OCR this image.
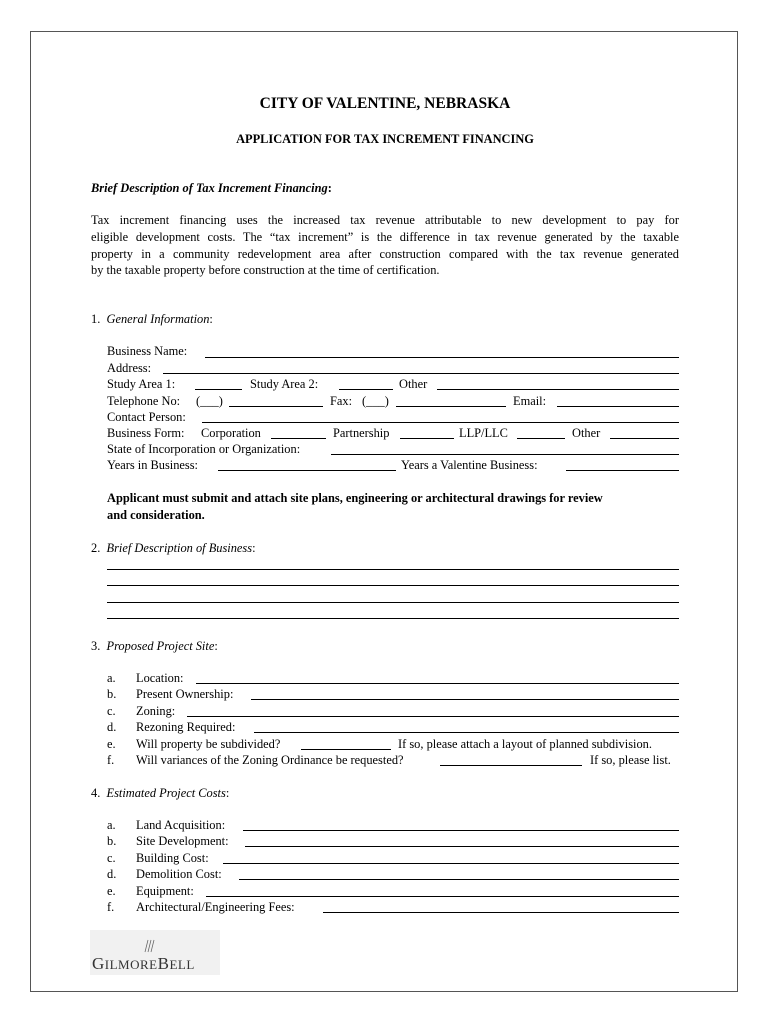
CITY OF VALENTINE, NEBRASKA
APPLICATION FOR TAX INCREMENT FINANCING
Brief Description of Tax Increment Financing:
Tax increment financing uses the increased tax revenue attributable to new development to pay for
eligible development costs. The “tax increment” is the difference in tax revenue generated by the taxable
property in a community redevelopment area after construction compared with the tax revenue generated
by the taxable property before construction at the time of certification.
1. General Information:
Business Name:
Address:
Study Area 1:	Study Area 2:	Other
Telephone No: (___)	Fax: (___)	Email:
Contact Person:
Business Form: Corporation	Partnership	LLP/LLC	Other
State of Incorporation or Organization:
Years in Business:	Years a Valentine Business:
Applicant must submit and attach site plans, engineering or architectural drawings for review
and consideration.
2. Brief Description of Business:
3. Proposed Project Site:
a. Location:
b. Present Ownership:
c. Zoning:
d. Rezoning Required:
e. Will property be subdivided?	If so, please attach a layout of planned subdivision.
f. Will variances of the Zoning Ordinance be requested?	If so, please list.
4. Estimated Project Costs:
a. Land Acquisition:
b. Site Development:
c. Building Cost:
d. Demolition Cost:
e. Equipment:
f. Architectural/Engineering Fees:
GILMOREBELL
